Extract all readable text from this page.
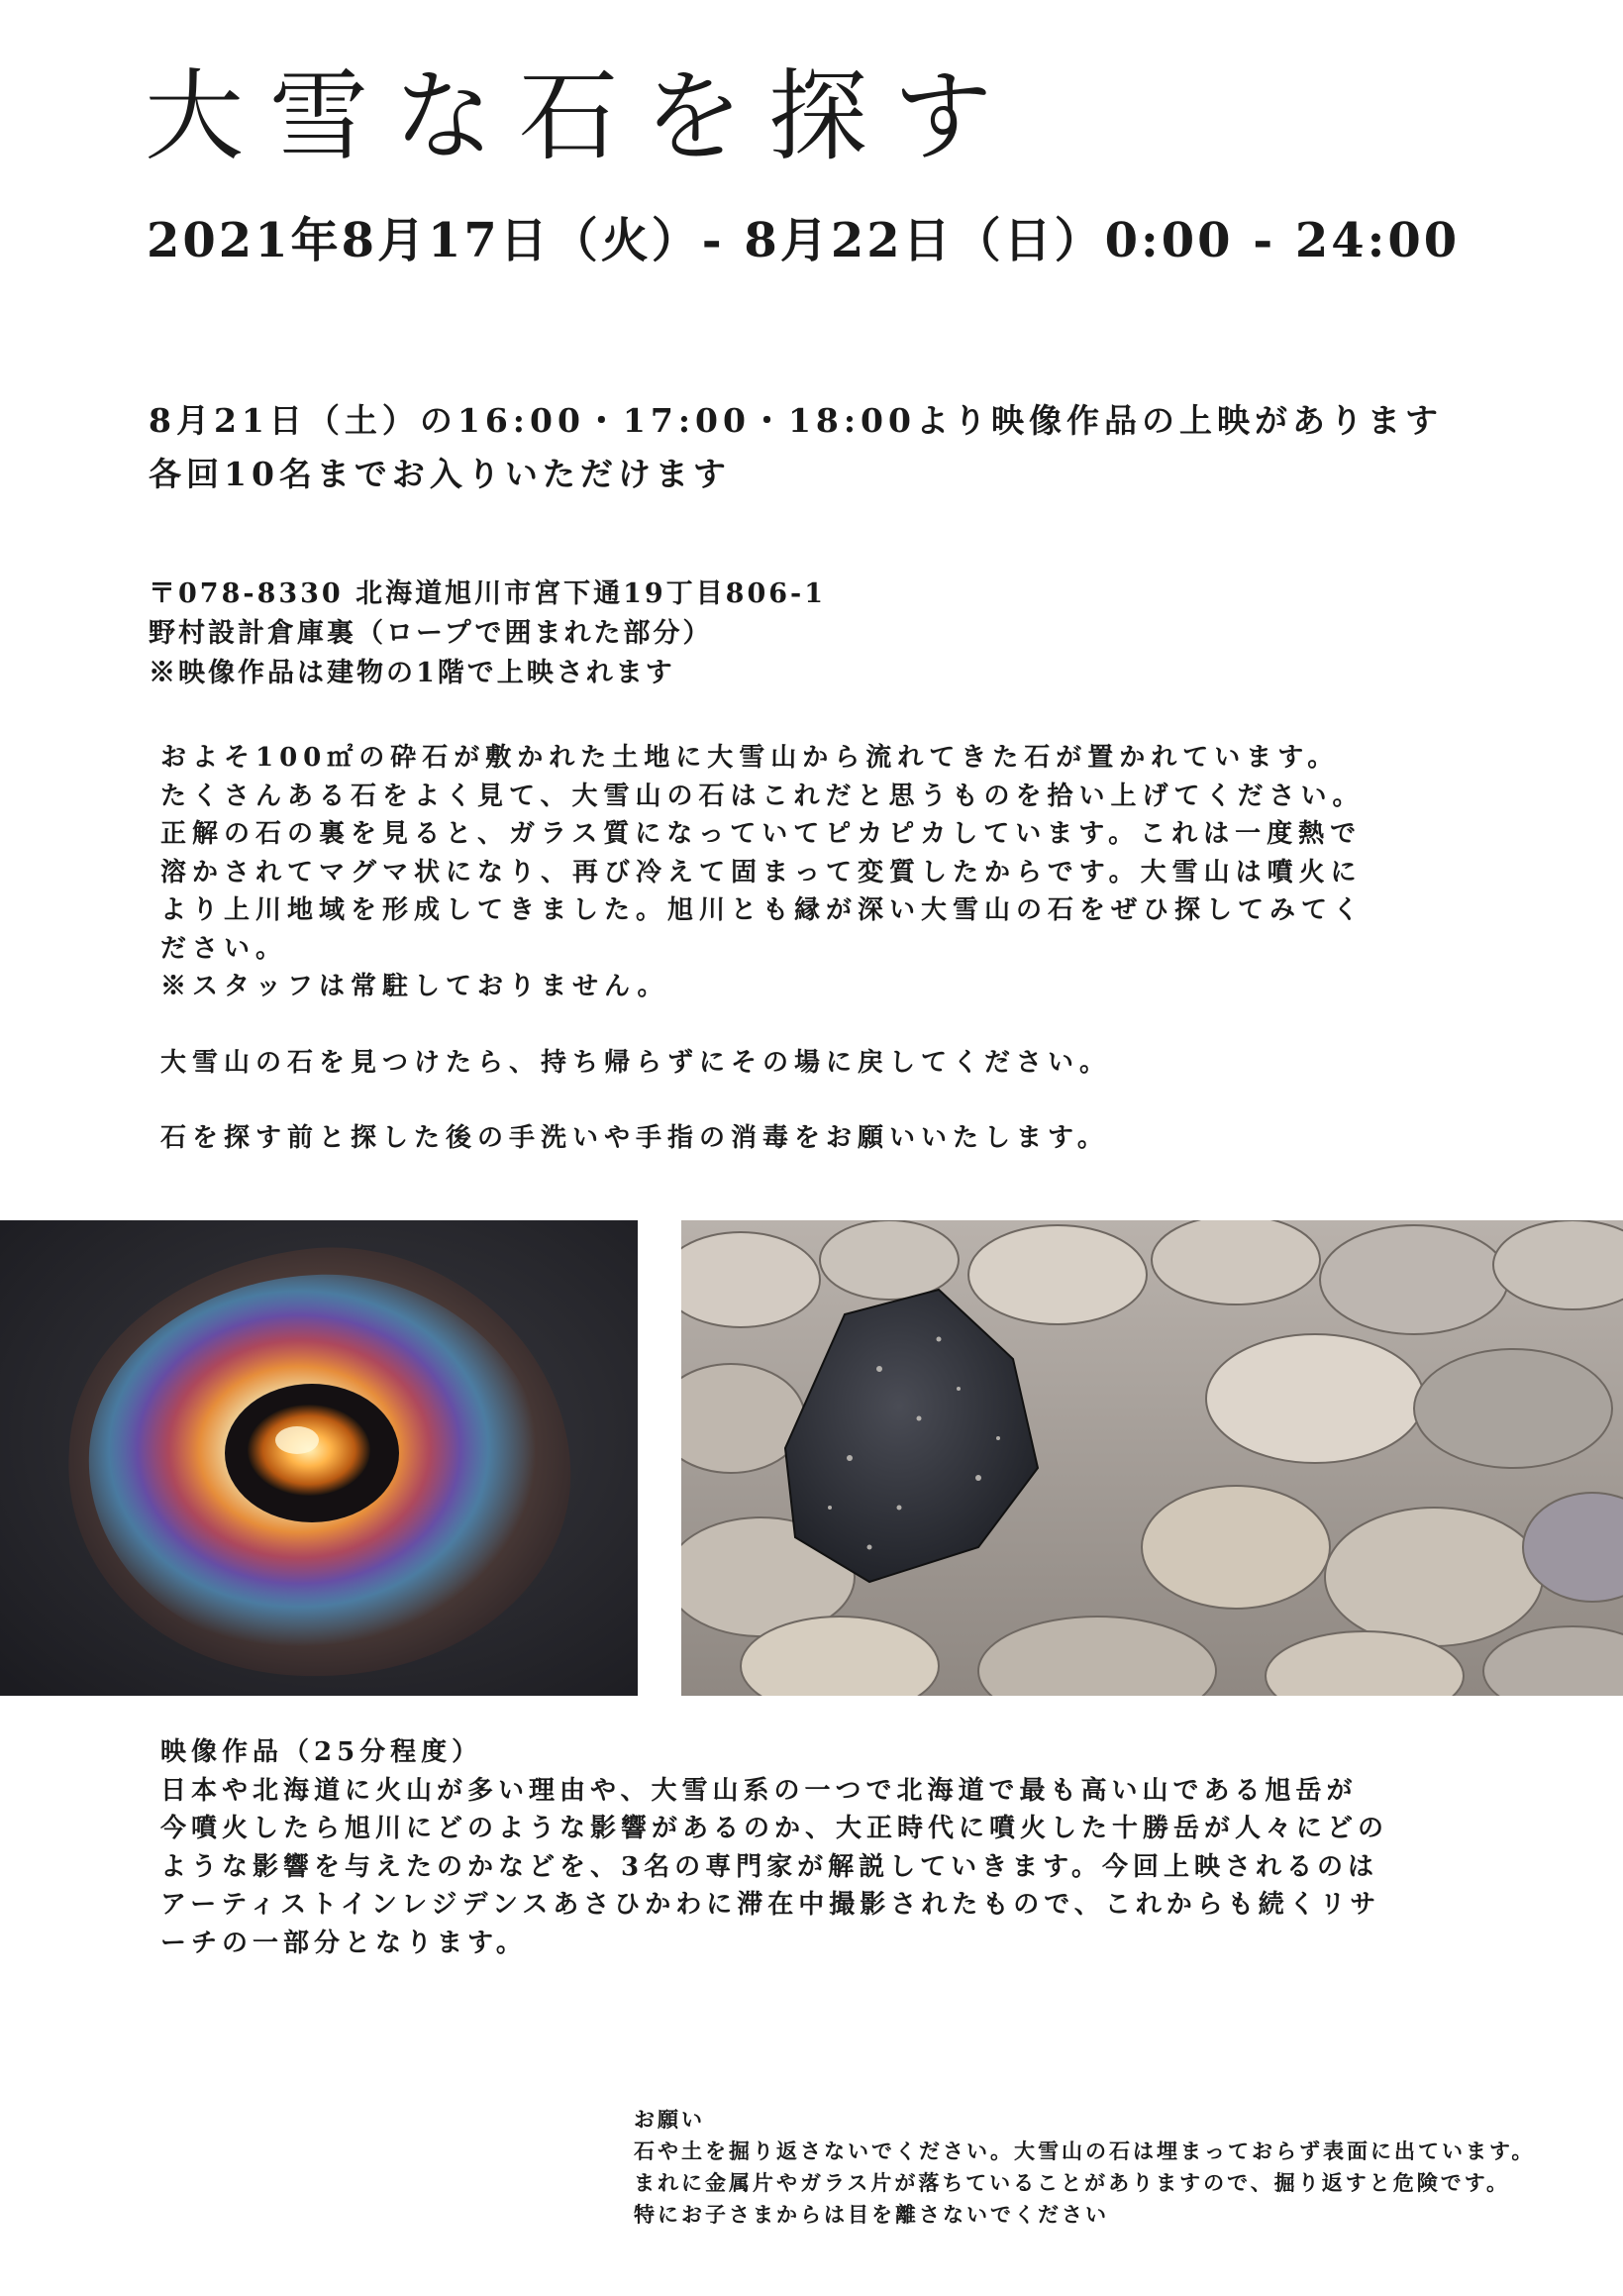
大雪な石を探す
2021年8月17日（火）- 8月22日（日）0:00 - 24:00
8月21日（土）の16:00・17:00・18:00より映像作品の上映があります
各回10名までお入りいただけます
〒078-8330 北海道旭川市宮下通19丁目806-1
野村設計倉庫裏（ロープで囲まれた部分）
※映像作品は建物の1階で上映されます

およそ100㎡の砕石が敷かれた土地に大雪山から流れてきた石が置かれています。

たくさんある石をよく見て、大雪山の石はこれだと思うものを拾い上げてください。

正解の石の裏を見ると、ガラス質になっていてピカピカしています。これは一度熱で

溶かされてマグマ状になり、再び冷えて固まって変質したからです。大雪山は噴火に

より上川地域を形成してきました。旭川とも縁が深い大雪山の石をぜひ探してみてく

ださい。

※スタッフは常駐しておりません。

大雪山の石を見つけたら、持ち帰らずにその場に戻してください。

石を探す前と探した後の手洗いや手指の消毒をお願いいたします。

映像作品（25分程度）

日本や北海道に火山が多い理由や、大雪山系の一つで北海道で最も高い山である旭岳が

今噴火したら旭川にどのような影響があるのか、大正時代に噴火した十勝岳が人々にどの

ような影響を与えたのかなどを、3名の専門家が解説していきます。今回上映されるのは

アーティストインレジデンスあさひかわに滞在中撮影されたもので、これからも続くリサ

ーチの一部分となります。

お願い

石や土を掘り返さないでください。大雪山の石は埋まっておらず表面に出ています。

まれに金属片やガラス片が落ちていることがありますので、掘り返すと危険です。

特にお子さまからは目を離さないでください
